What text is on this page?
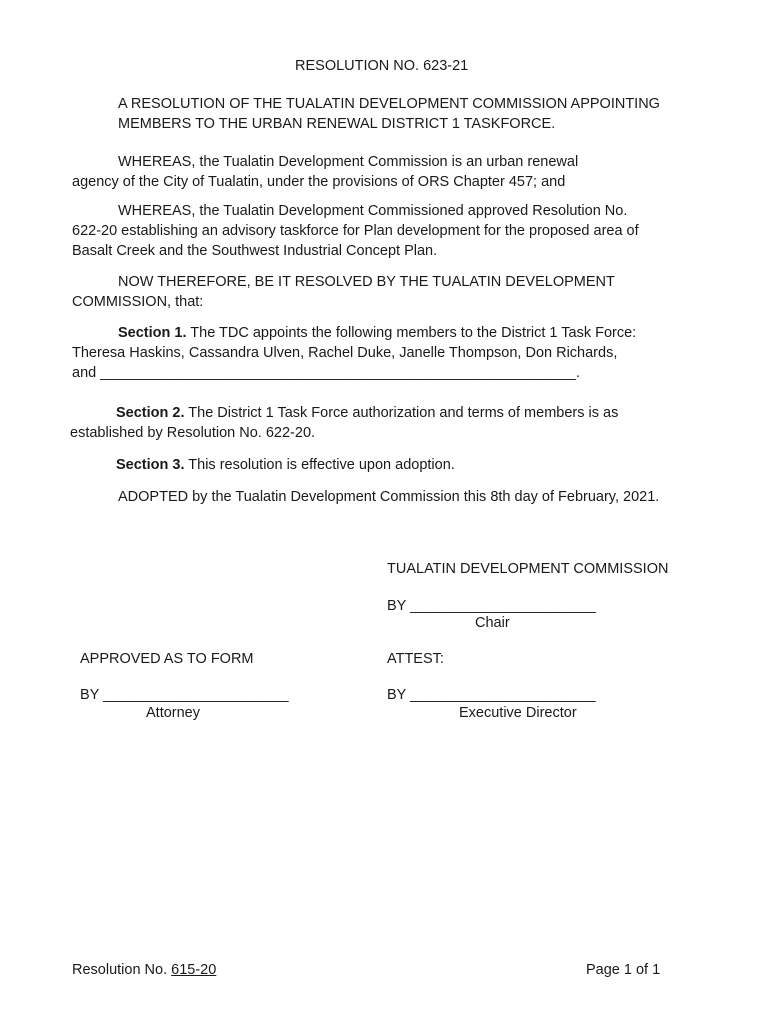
RESOLUTION NO. 623-21
A RESOLUTION OF THE TUALATIN DEVELOPMENT COMMISSION APPOINTING
MEMBERS TO THE URBAN RENEWAL DISTRICT 1 TASKFORCE.
WHEREAS, the Tualatin Development Commission is an urban renewal
agency of the City of Tualatin, under the provisions of ORS Chapter 457; and
WHEREAS, the Tualatin Development Commissioned approved Resolution No.
622-20 establishing an advisory taskforce for Plan development for the proposed area of
Basalt Creek and the Southwest Industrial Concept Plan.
NOW THEREFORE, BE IT RESOLVED BY THE TUALATIN DEVELOPMENT
COMMISSION, that:
Section 1. The TDC appoints the following members to the District 1 Task Force:
Theresa Haskins, Cassandra Ulven, Rachel Duke, Janelle Thompson, Don Richards,
and ___________________________________________________________.
Section 2. The District 1 Task Force authorization and terms of members is as
established by Resolution No. 622-20.
Section 3. This resolution is effective upon adoption.
ADOPTED by the Tualatin Development Commission this 8th day of February, 2021.
TUALATIN DEVELOPMENT COMMISSION
BY _______________________
Chair
APPROVED AS TO FORM	ATTEST:
BY _______________________
Attorney
BY _______________________
Executive Director
Resolution No. 615-20	Page 1 of 1
